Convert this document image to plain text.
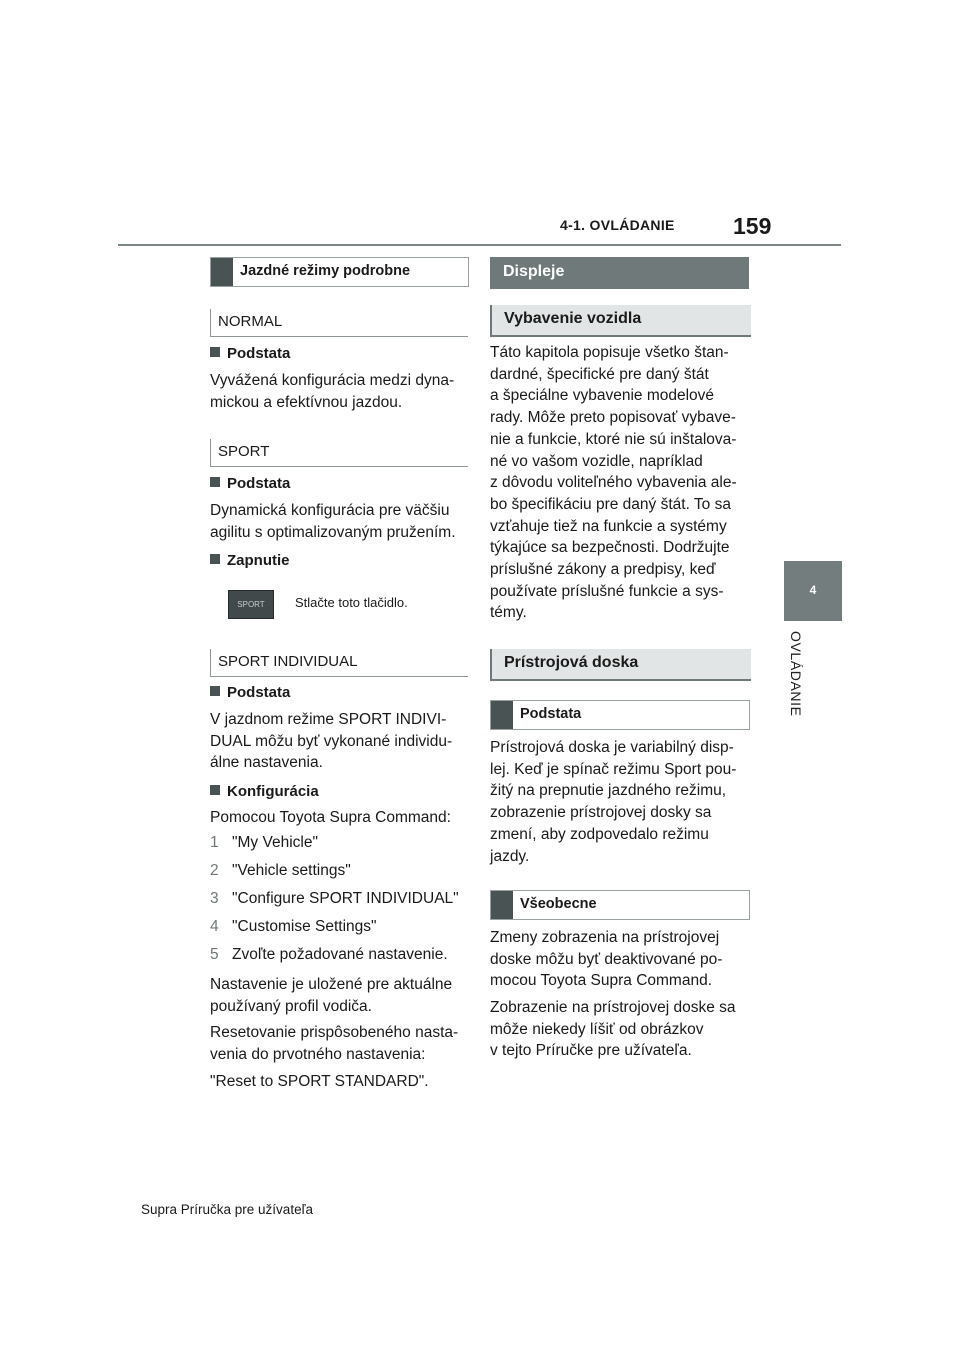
4-1. OVLÁDANIE	159
4
OVLÁDANIE
Jazdné režimy podrobne
NORMAL
Podstata
Vyvážená konfigurácia medzi dyna-
mickou a efektívnou jazdou.
SPORT
Podstata
Dynamická konfigurácia pre väčšiu
agilitu s optimalizovaným pružením.
Zapnutie
SPORT	Stlačte toto tlačidlo.
SPORT INDIVIDUAL
Podstata
V jazdnom režime SPORT INDIVI-
DUAL môžu byť vykonané individu-
álne nastavenia.
Konfigurácia
Pomocou Toyota Supra Command:
1 "My Vehicle"
2 "Vehicle settings"
3 "Configure SPORT INDIVIDUAL"
4 "Customise Settings"
5 Zvoľte požadované nastavenie.
Nastavenie je uložené pre aktuálne
používaný profil vodiča.
Resetovanie prispôsobeného nasta-
venia do prvotného nastavenia:
"Reset to SPORT STANDARD".
Displeje
Vybavenie vozidla
Táto kapitola popisuje všetko štan-
dardné, špecifické pre daný štát
a špeciálne vybavenie modelové
rady. Môže preto popisovať vybave-
nie a funkcie, ktoré nie sú inštalova-
né vo vašom vozidle, napríklad
z dôvodu voliteľného vybavenia ale-
bo špecifikáciu pre daný štát. To sa
vzťahuje tiež na funkcie a systémy
týkajúce sa bezpečnosti. Dodržujte
príslušné zákony a predpisy, keď
používate príslušné funkcie a sys-
témy.
Prístrojová doska
Podstata
Prístrojová doska je variabilný disp-
lej. Keď je spínač režimu Sport pou-
žitý na prepnutie jazdného režimu,
zobrazenie prístrojovej dosky sa
zmení, aby zodpovedalo režimu
jazdy.
Všeobecne
Zmeny zobrazenia na prístrojovej
doske môžu byť deaktivované po-
mocou Toyota Supra Command.
Zobrazenie na prístrojovej doske sa
môže niekedy líšiť od obrázkov
v tejto Príručke pre užívateľa.
Supra Príručka pre užívateľa
